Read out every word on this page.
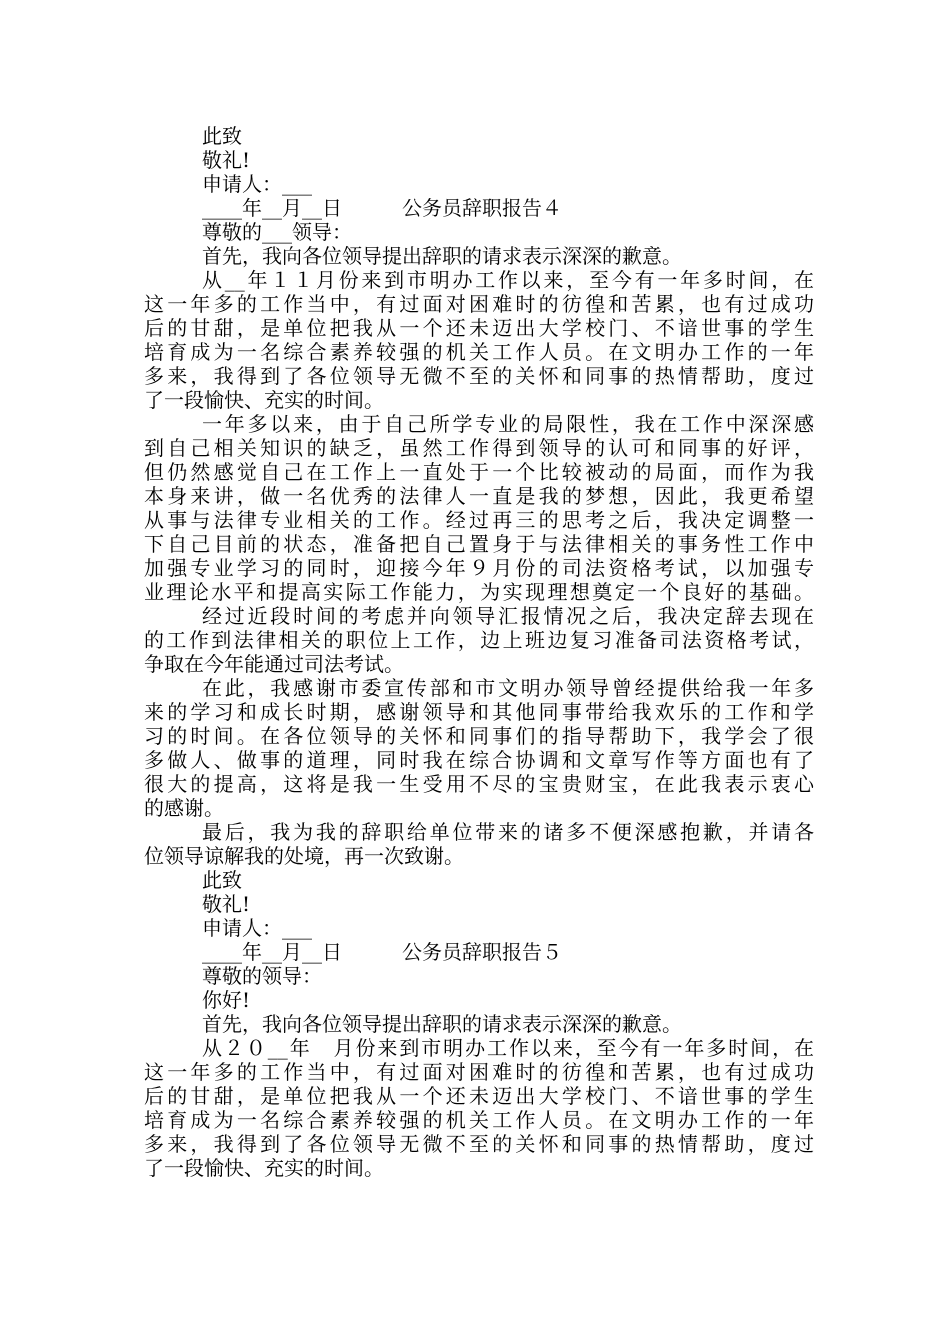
此致
敬礼!
申请人：___
____年__月__日　　　公务员辞职报告４
尊敬的___领导：
首先，我向各位领导提出辞职的请求表示深深的歉意。
从__年１１月份来到市明办工作以来，至今有一年多时间，在
这一年多的工作当中，有过面对困难时的彷徨和苦累，也有过成功
后的甘甜，是单位把我从一个还未迈出大学校门、不谙世事的学生
培育成为一名综合素养较强的机关工作人员。在文明办工作的一年
多来，我得到了各位领导无微不至的关怀和同事的热情帮助，度过
了一段愉快、充实的时间。
一年多以来，由于自己所学专业的局限性，我在工作中深深感
到自己相关知识的缺乏，虽然工作得到领导的认可和同事的好评，
但仍然感觉自己在工作上一直处于一个比较被动的局面，而作为我
本身来讲，做一名优秀的法律人一直是我的梦想，因此，我更希望
从事与法律专业相关的工作。经过再三的思考之后，我决定调整一
下自己目前的状态，准备把自己置身于与法律相关的事务性工作中
加强专业学习的同时，迎接今年９月份的司法资格考试，以加强专
业理论水平和提高实际工作能力，为实现理想奠定一个良好的基础。
经过近段时间的考虑并向领导汇报情况之后，我决定辞去现在
的工作到法律相关的职位上工作，边上班边复习准备司法资格考试，
争取在今年能通过司法考试。
在此，我感谢市委宣传部和市文明办领导曾经提供给我一年多
来的学习和成长时期，感谢领导和其他同事带给我欢乐的工作和学
习的时间。在各位领导的关怀和同事们的指导帮助下，我学会了很
多做人、做事的道理，同时我在综合协调和文章写作等方面也有了
很大的提高，这将是我一生受用不尽的宝贵财宝，在此我表示衷心
的感谢。
最后，我为我的辞职给单位带来的诸多不便深感抱歉，并请各
位领导谅解我的处境，再一次致谢。
此致
敬礼!
申请人：___
____年__月__日　　　公务员辞职报告５
尊敬的领导：
你好!
首先，我向各位领导提出辞职的请求表示深深的歉意。
从２０__年　月份来到市明办工作以来，至今有一年多时间，在
这一年多的工作当中，有过面对困难时的彷徨和苦累，也有过成功
后的甘甜，是单位把我从一个还未迈出大学校门、不谙世事的学生
培育成为一名综合素养较强的机关工作人员。在文明办工作的一年
多来，我得到了各位领导无微不至的关怀和同事的热情帮助，度过
了一段愉快、充实的时间。
